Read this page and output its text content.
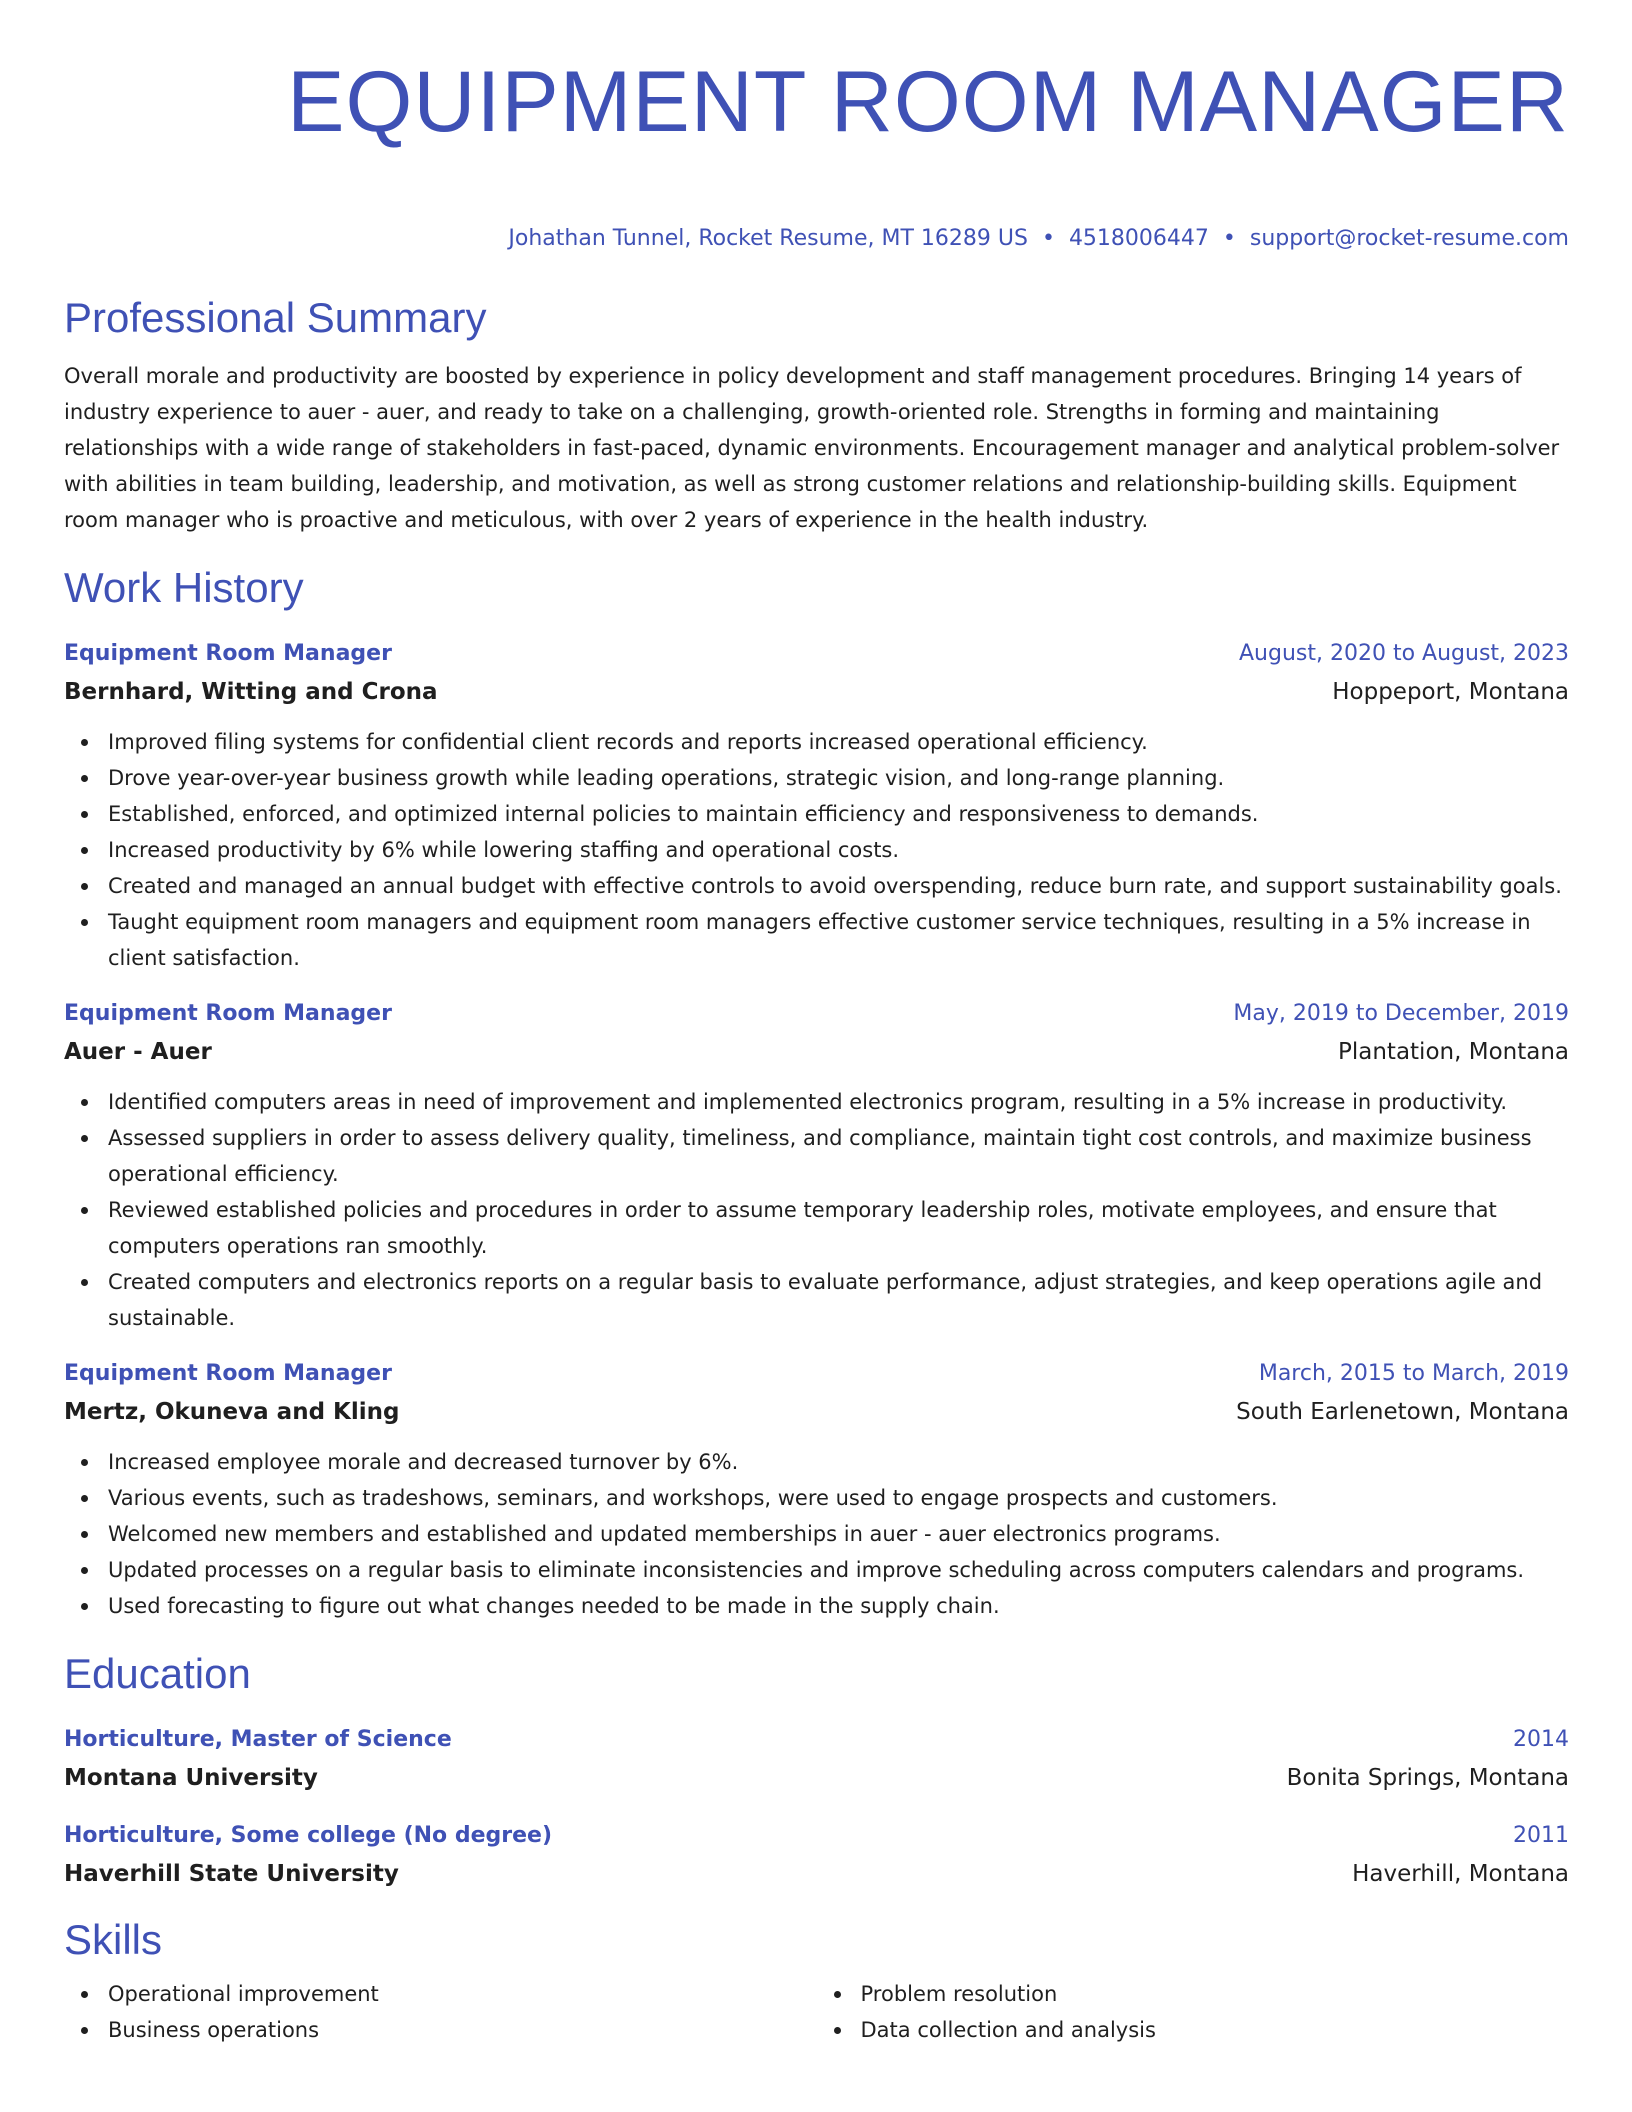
EQUIPMENT ROOM MANAGER
Johathan Tunnel, Rocket Resume, MT 16289 US • 4518006447 • support@rocket-resume.com
Professional Summary
Overall morale and productivity are boosted by experience in policy development and staff management procedures. Bringing 14 years of industry experience to auer - auer, and ready to take on a challenging, growth-oriented role. Strengths in forming and maintaining relationships with a wide range of stakeholders in fast-paced, dynamic environments. Encouragement manager and analytical problem-solver with abilities in team building, leadership, and motivation, as well as strong customer relations and relationship-building skills. Equipment room manager who is proactive and meticulous, with over 2 years of experience in the health industry.
Work History
Equipment Room Manager	August, 2020 to August, 2023
Bernhard, Witting and Crona	Hoppeport, Montana
Improved filing systems for confidential client records and reports increased operational efficiency.
Drove year-over-year business growth while leading operations, strategic vision, and long-range planning.
Established, enforced, and optimized internal policies to maintain efficiency and responsiveness to demands.
Increased productivity by 6% while lowering staffing and operational costs.
Created and managed an annual budget with effective controls to avoid overspending, reduce burn rate, and support sustainability goals.
Taught equipment room managers and equipment room managers effective customer service techniques, resulting in a 5% increase in client satisfaction.
Equipment Room Manager	May, 2019 to December, 2019
Auer - Auer	Plantation, Montana
Identified computers areas in need of improvement and implemented electronics program, resulting in a 5% increase in productivity.
Assessed suppliers in order to assess delivery quality, timeliness, and compliance, maintain tight cost controls, and maximize business operational efficiency.
Reviewed established policies and procedures in order to assume temporary leadership roles, motivate employees, and ensure that computers operations ran smoothly.
Created computers and electronics reports on a regular basis to evaluate performance, adjust strategies, and keep operations agile and sustainable.
Equipment Room Manager	March, 2015 to March, 2019
Mertz, Okuneva and Kling	South Earlenetown, Montana
Increased employee morale and decreased turnover by 6%.
Various events, such as tradeshows, seminars, and workshops, were used to engage prospects and customers.
Welcomed new members and established and updated memberships in auer - auer electronics programs.
Updated processes on a regular basis to eliminate inconsistencies and improve scheduling across computers calendars and programs.
Used forecasting to figure out what changes needed to be made in the supply chain.
Education
Horticulture, Master of Science	2014
Montana University	Bonita Springs, Montana
Horticulture, Some college (No degree)	2011
Haverhill State University	Haverhill, Montana
Skills
Operational improvement
Business operations
Problem resolution
Data collection and analysis
